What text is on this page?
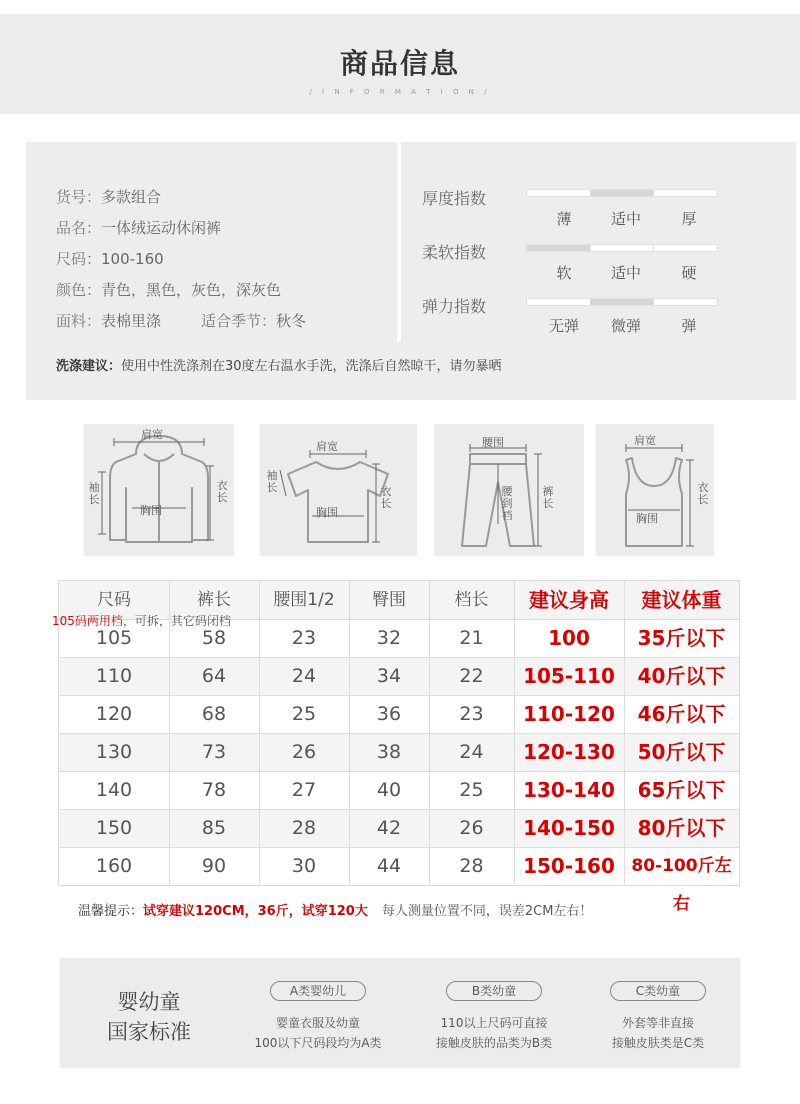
商品信息
/ I N F O R M A T I O N /
货号：多款组合
品名：一体绒运动休闲裤
尺码：100-160
颜色：青色，黑色，灰色，深灰色
面料：表棉里涤	适合季节：秋冬
厚度指数
薄	适中	厚
柔软指数
软	适中	硬
弹力指数
无弹	微弹	弹
洗涤建议：使用中性洗涤剂在30度左右温水手洗，洗涤后自然晾干，请勿暴晒
肩宽
袖长
胸围
衣长
肩宽
袖长
胸围
衣长
腰围
腰到裆
裤长
肩宽
胸围
衣长
尺码	裤长	腰围1/2	臀围	档长	建议身高	建议体重
105	58	23	32	21	100	35斤以下
110	64	24	34	22	105-110	40斤以下
120	68	25	36	23	110-120	46斤以下
130	73	26	38	24	120-130	50斤以下
140	78	27	40	25	130-140	65斤以下
150	85	28	42	26	140-150	80斤以下
160	90	30	44	28	150-160 80-100斤左右
105码两用档，可拆，其它码闭档
温馨提示：试穿建议120CM，36斤，试穿120大 每人测量位置不同，误差2CM左右！
婴幼童
国家标准
A类婴幼儿
婴童衣服及幼童
100以下尺码段均为A类
B类幼童
110以上尺码可直接
接触皮肤的品类为B类
C类幼童
外套等非直接
接触皮肤类是C类
